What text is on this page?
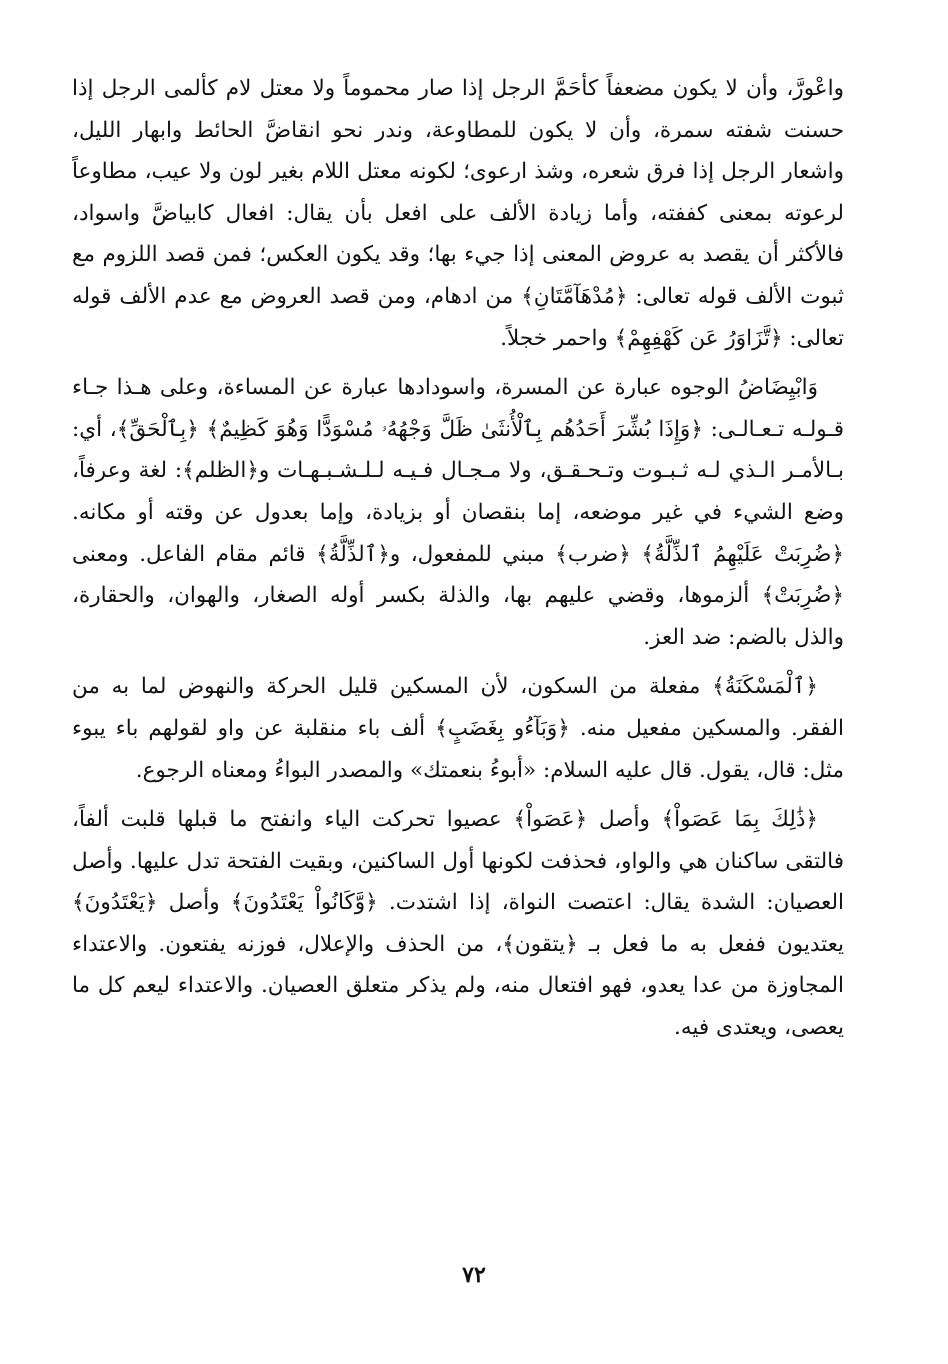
واعْورَّ، وأن لا يكون مضعفاً كأحَمَّ الرجل إذا صار محموماً ولا معتل لام كألمى الرجل إذا حسنت شفته سمرة، وأن لا يكون للمطاوعة، وندر نحو انقاضَّ الحائط وابهار الليل، واشعار الرجل إذا فرق شعره، وشذ ارعوى؛ لكونه معتل اللام بغير لون ولا عيب، مطاوعاً لرعوته بمعنى كففته، وأما زيادة الألف على افعل بأن يقال: افعال كابياضَّ واسواد، فالأكثر أن يقصد به عروض المعنى إذا جيء بها؛ وقد يكون العكس؛ فمن قصد اللزوم مع ثبوت الألف قوله تعالى: ﴿مُدْهَآمَّتَانِ﴾ من ادهام، ومن قصد العروض مع عدم الألف قوله تعالى: ﴿تَّزَاوَرُ عَن كَهْفِهِمْ﴾ واحمر خجلاً.

وَابْيِضَاضُ الوجوه عبارة عن المسرة، واسودادها عبارة عن المساءة، وعلى هـذا جـاء قـولـه تـعـالـى: ﴿وَإِذَا بُشِّرَ أَحَدُهُم بِٱلْأُنثَىٰ ظَلَّ وَجْهُهُۥ مُسْوَدًّا وَهُوَ كَظِيمٌ﴾ ﴿بِٱلْحَقِّ﴾، أي: بـالأمـر الـذي لـه ثـبـوت وتـحـقـق، ولا مـجـال فـيـه لـلـشـبـهـات و﴿الظلم﴾: لغة وعرفاً، وضع الشيء في غير موضعه، إما بنقصان أو بزيادة، وإما بعدول عن وقته أو مكانه. ﴿ضُرِبَتْ عَلَيْهِمُ ٱلذِّلَّةُ﴾ ﴿ضرب﴾ مبني للمفعول، و﴿ٱلذِّلَّةُ﴾ قائم مقام الفاعل. ومعنى ﴿ضُرِبَتْ﴾ ألزموها، وقضي عليهم بها، والذلة بكسر أوله الصغار، والهوان، والحقارة، والذل بالضم: ضد العز.

﴿ٱلْمَسْكَنَةُ﴾ مفعلة من السكون، لأن المسكين قليل الحركة والنهوض لما به من الفقر. والمسكين مفعيل منه. ﴿وَبَآءُو بِغَضَبٍ﴾ ألف باء منقلبة عن واو لقولهم باء يبوء مثل: قال، يقول. قال عليه السلام: «أبوءُ بنعمتك» والمصدر البواءُ ومعناه الرجوع.

﴿ذَٰلِكَ بِمَا عَصَواْ﴾ وأصل ﴿عَصَواْ﴾ عصيوا تحركت الياء وانفتح ما قبلها قلبت ألفاً، فالتقى ساكنان هي والواو، فحذفت لكونها أول الساكنين، وبقيت الفتحة تدل عليها. وأصل العصيان: الشدة يقال: اعتصت النواة، إذا اشتدت. ﴿وَّكَانُواْ يَعْتَدُونَ﴾ وأصل ﴿يَعْتَدُونَ﴾ يعتديون ففعل به ما فعل بـ ﴿يتقون﴾، من الحذف والإعلال، فوزنه يفتعون. والاعتداء المجاوزة من عدا يعدو، فهو افتعال منه، ولم يذكر متعلق العصيان. والاعتداء ليعم كل ما يعصى، ويعتدى فيه.

٧٢
